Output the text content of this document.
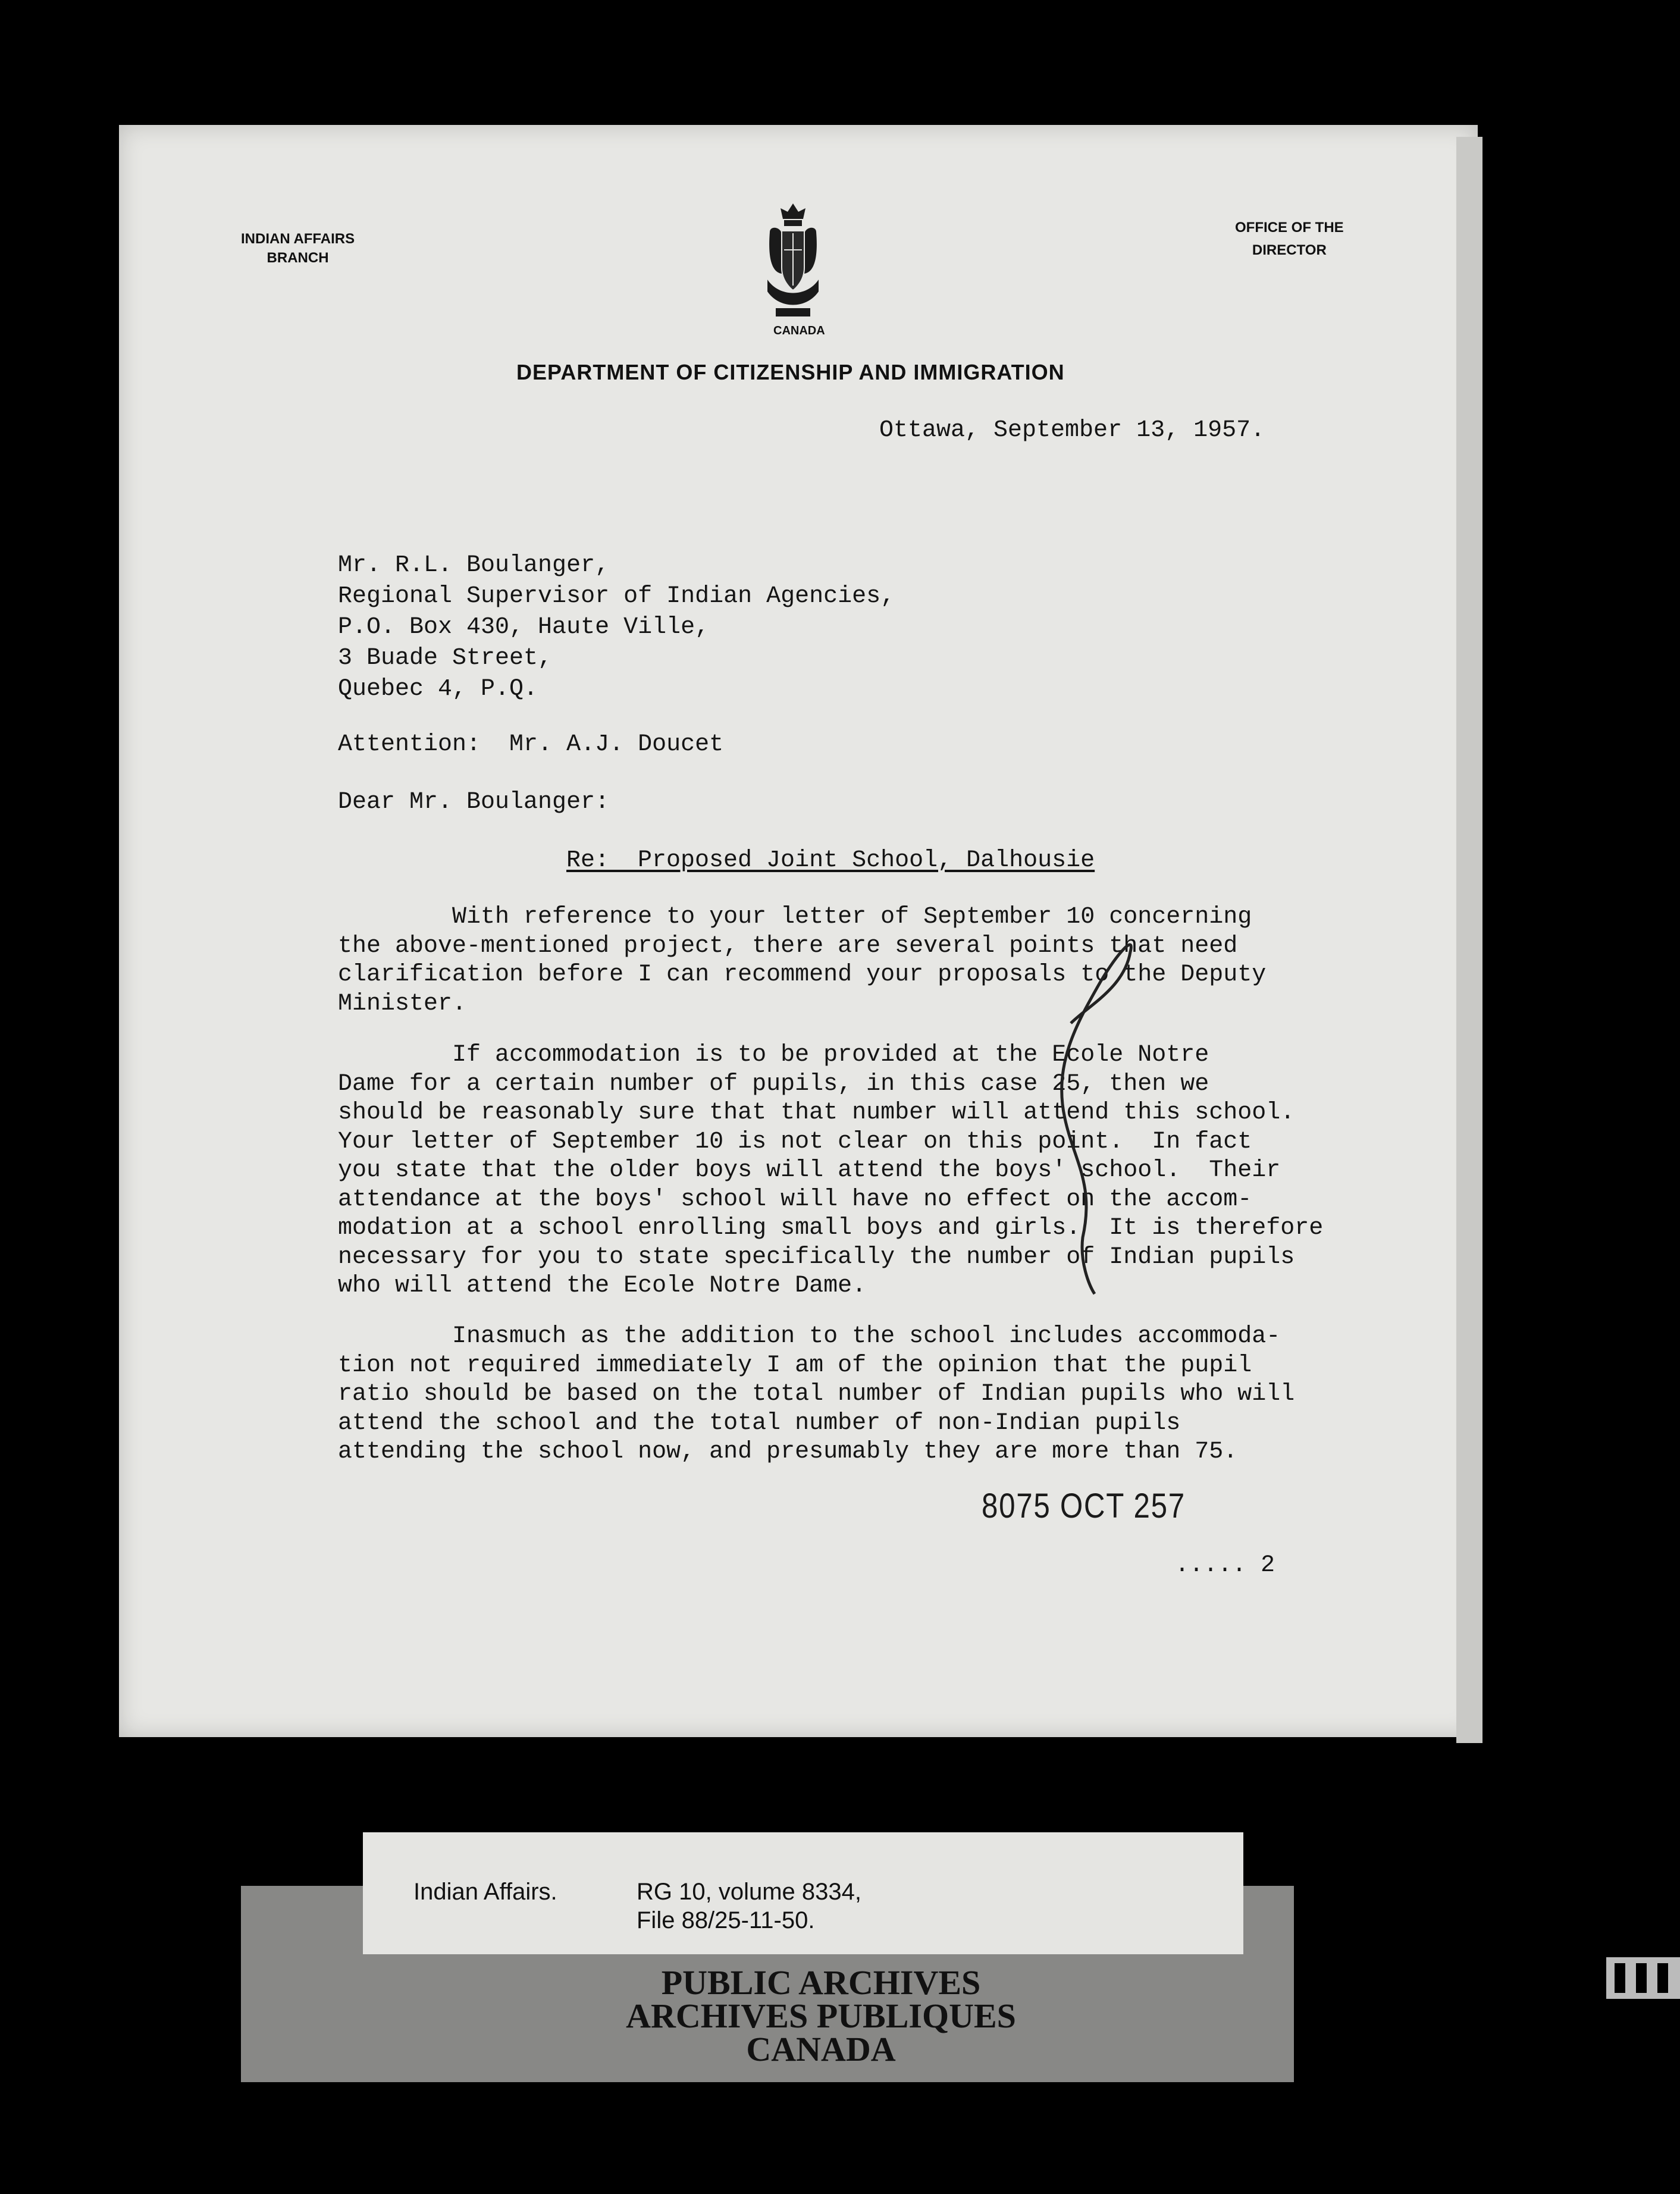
INDIAN AFFAIRS
BRANCH
CANADA
OFFICE OF THE
DIRECTOR
DEPARTMENT OF CITIZENSHIP AND IMMIGRATION
Ottawa, September 13, 1957.
Mr. R.L. Boulanger,
Regional Supervisor of Indian Agencies,
P.O. Box 430, Haute Ville,
3 Buade Street,
Quebec 4, P.Q.
Attention:  Mr. A.J. Doucet
Dear Mr. Boulanger:
Re:  Proposed Joint School, Dalhousie
With reference to your letter of September 10 concerning
the above-mentioned project, there are several points that need
clarification before I can recommend your proposals to the Deputy
Minister.
If accommodation is to be provided at the Ecole Notre
Dame for a certain number of pupils, in this case 25, then we
should be reasonably sure that that number will attend this school.
Your letter of September 10 is not clear on this point.  In fact
you state that the older boys will attend the boys' school.  Their
attendance at the boys' school will have no effect on the accom-
modation at a school enrolling small boys and girls.  It is therefore
necessary for you to state specifically the number of Indian pupils
who will attend the Ecole Notre Dame.
Inasmuch as the addition to the school includes accommoda-
tion not required immediately I am of the opinion that the pupil
ratio should be based on the total number of Indian pupils who will
attend the school and the total number of non-Indian pupils
attending the school now, and presumably they are more than 75.
8075 OCT 257
..... 2
Indian Affairs.	RG 10, volume 8334,
File 88/25-11-50.
PUBLIC ARCHIVES
ARCHIVES PUBLIQUES
CANADA
